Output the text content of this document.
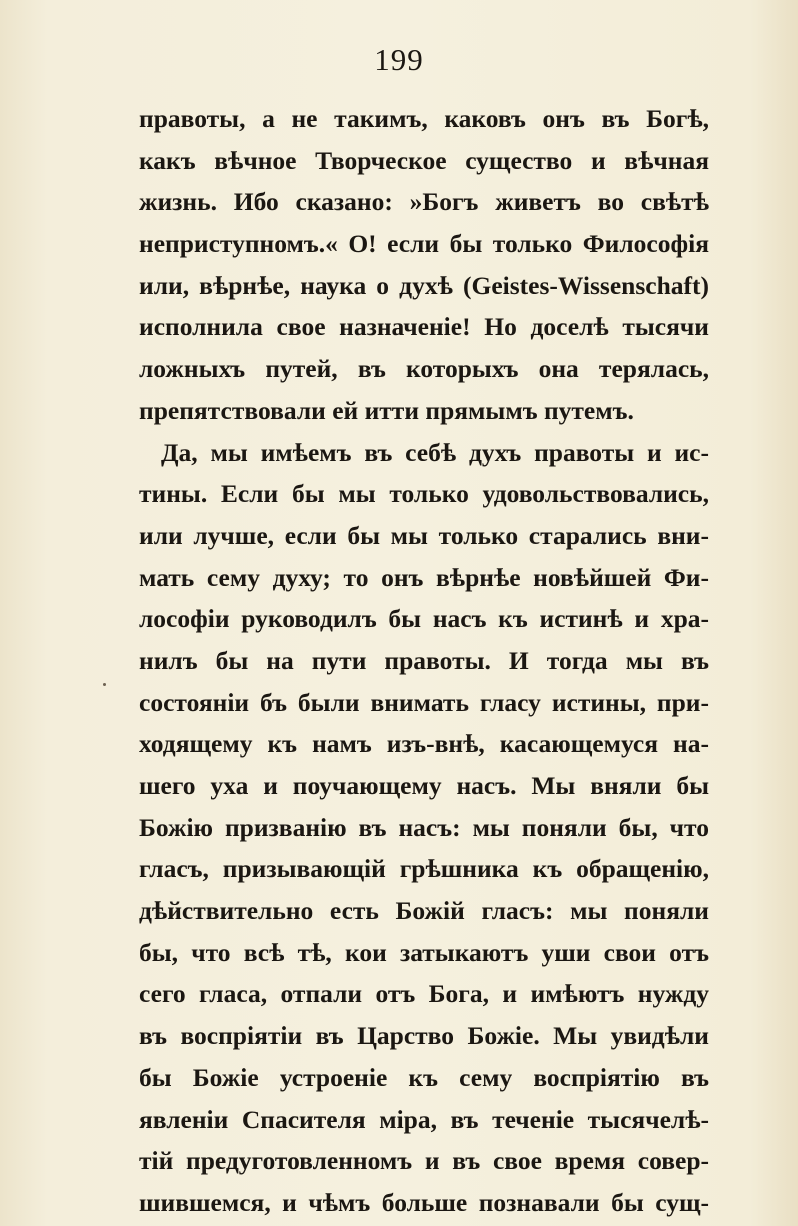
199
правоты, а не такимъ, каковъ онъ въ Богѣ,
какъ вѣчное Творческое существо и вѣчная
жизнь. Ибо сказано: »Богъ живетъ во свѣтѣ
неприступномъ.« О! если бы только Философія
или, вѣрнѣе, наука о духѣ (Geistes-Wissenschaft)
исполнила свое назначеніе! Но доселѣ тысячи
ложныхъ путей, въ которыхъ она терялась,
препятствовали ей итти прямымъ путемъ.
Да, мы имѣемъ въ себѣ духъ правоты и ис-
тины. Если бы мы только удовольствовались,
или лучше, если бы мы только старались вни-
мать сему духу; то онъ вѣрнѣе новѣйшей Фи-
лософіи руководилъ бы насъ къ истинѣ и хра-
нилъ бы на пути правоты. И тогда мы въ
состояніи бъ были внимать гласу истины, при-
ходящему къ намъ изъ-внѣ, касающемуся на-
шего уха и поучающему насъ. Мы вняли бы
Божію призванію въ насъ: мы поняли бы, что
гласъ, призывающій грѣшника къ обращенію,
дѣйствительно есть Божій гласъ: мы поняли
бы, что всѣ тѣ, кои затыкаютъ уши свои отъ
сего гласа, отпали отъ Бога, и имѣютъ нужду
въ воспріятіи въ Царство Божіе. Мы увидѣли
бы Божіе устроеніе къ сему воспріятію въ
явленіи Спасителя міра, въ теченіе тысячелѣ-
тій предуготовленномъ и въ свое время совер-
шившемся, и чѣмъ больше познавали бы сущ-
